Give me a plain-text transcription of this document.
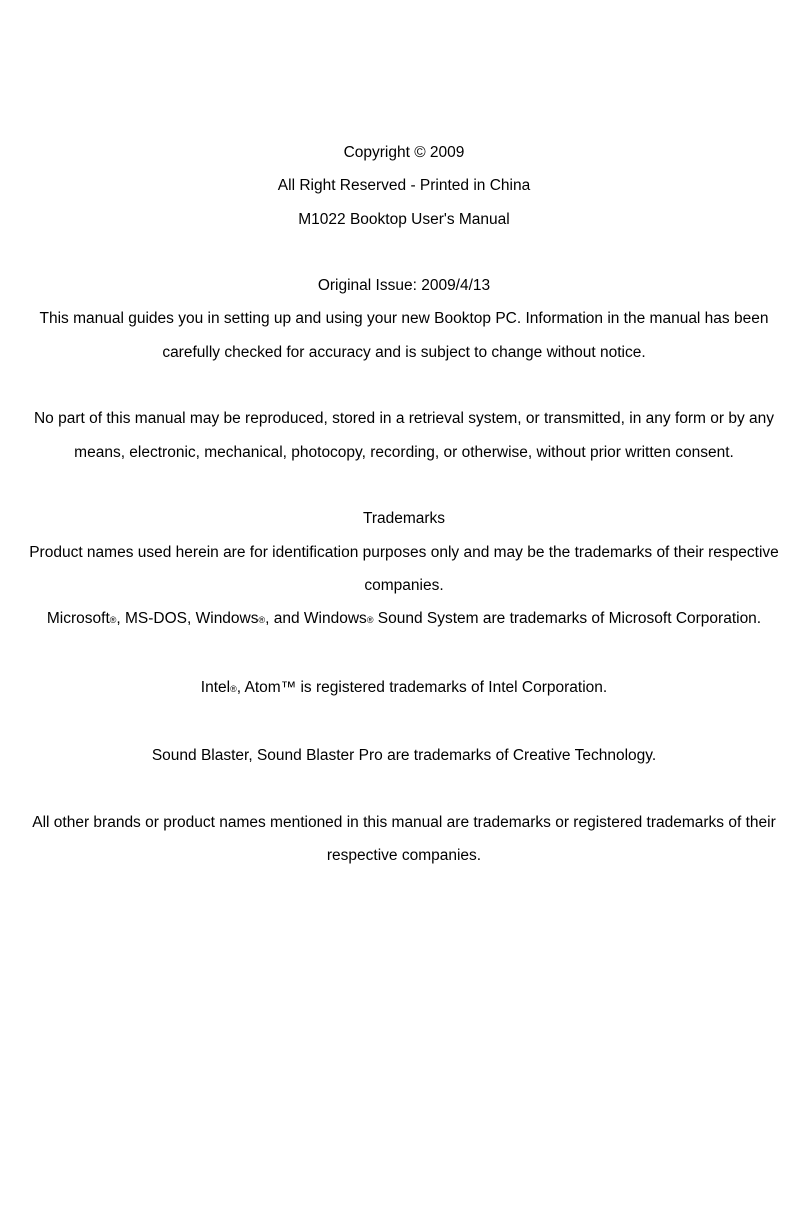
Copyright © 2009

All Right Reserved - Printed in China

M1022 Booktop User's Manual

Original Issue: 2009/4/13

This manual guides you in setting up and using your new Booktop PC. Information in the manual has been

carefully checked for accuracy and is subject to change without notice.

No part of this manual may be reproduced, stored in a retrieval system, or transmitted, in any form or by any

means, electronic, mechanical, photocopy, recording, or otherwise, without prior written consent.

Trademarks

Product names used herein are for identification purposes only and may be the trademarks of their respective

companies.

Microsoft®, MS-DOS, Windows®, and Windows® Sound System are trademarks of Microsoft Corporation.

Intel®, Atom™ is registered trademarks of Intel Corporation.

Sound Blaster, Sound Blaster Pro are trademarks of Creative Technology.

All other brands or product names mentioned in this manual are trademarks or registered trademarks of their

respective companies.
